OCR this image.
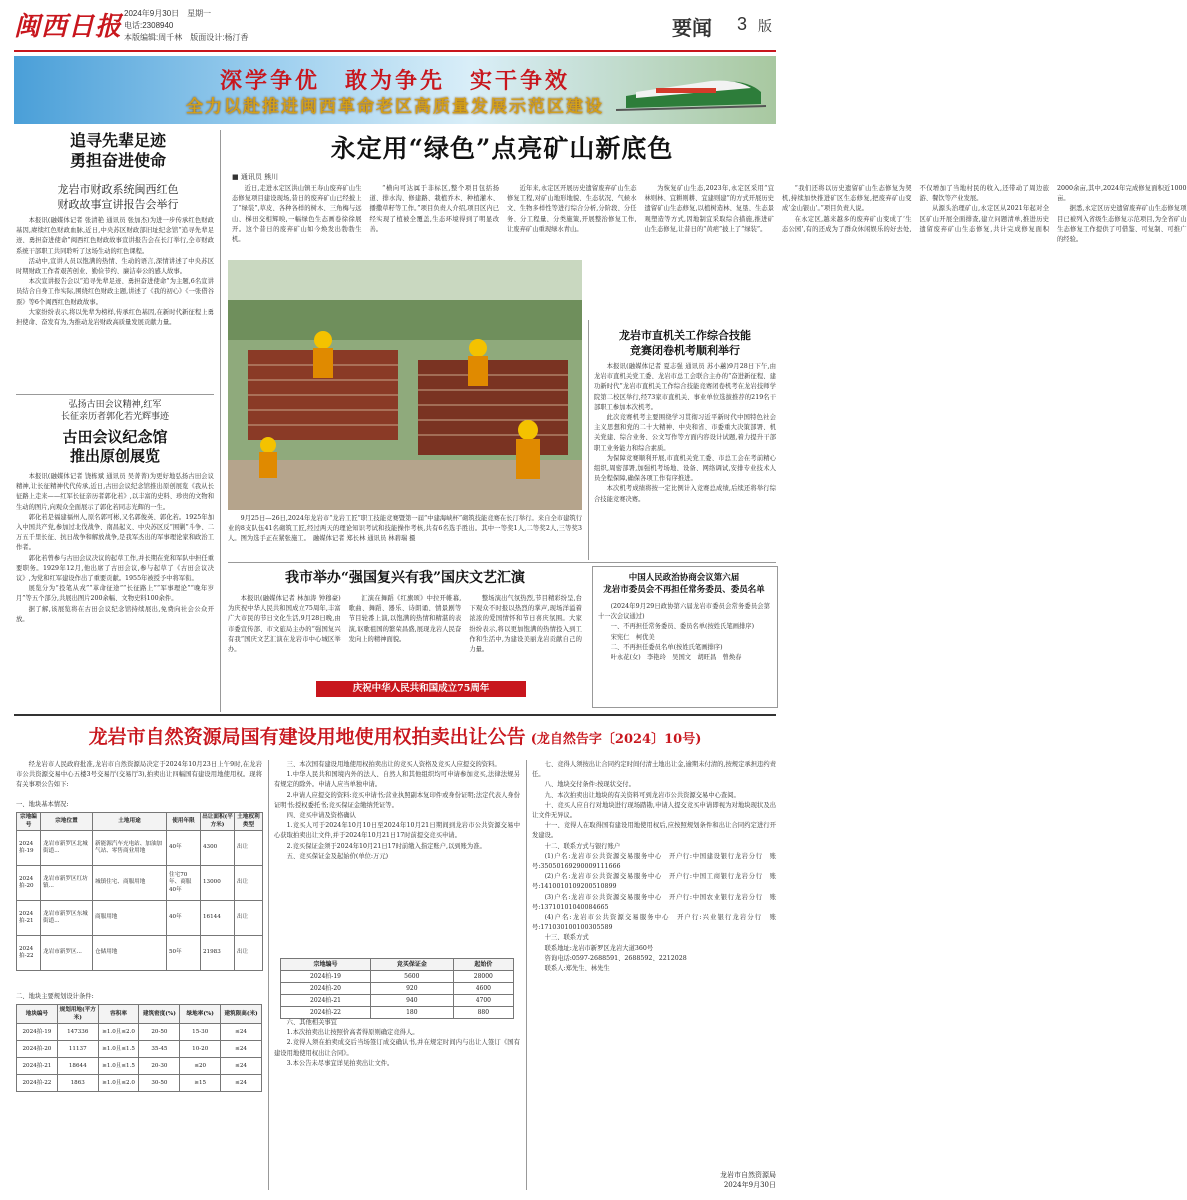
闽西日报 2024年9月30日　星期一
电话:2308940
本版编辑:周千林　版面设计:杨汀香	要闻 3 版
深学争优　敢为争先　实干争效
全力以赴推进闽西革命老区高质量发展示范区建设
追寻先辈足迹
勇担奋进使命
龙岩市财政系统闽西红色
财政故事宣讲报告会举行

本报讯(融媒体记者 张清艳 通讯员 张加杰)为进一步传承红色财政基因,赓续红色财政血脉,近日,中央苏区财政部旧址纪念馆“追寻先辈足迹、勇担奋进使命”闽西红色财政故事宣讲报告会在长汀举行,全市财政系统干部职工共同聆听了这场生动的红色课程。

活动中,宣讲人员以饱满的热情、生动的语言,深情讲述了中央苏区时期财政工作者艰苦创业、勤俭节约、廉洁奉公的感人故事。

本次宣讲报告会以“追寻先辈足迹、勇担奋进使命”为主题,6名宣讲员结合自身工作实际,围绕红色财政主题,讲述了《我的初心》《一张借谷票》等6个闽西红色财政故事。

大家纷纷表示,将以先辈为榜样,传承红色基因,在新时代新征程上勇担使命、奋发有为,为推动龙岩财政高质量发展贡献力量。

弘扬古田会议精神,红军
长征亲历者郭化若光辉事迹
古田会议纪念馆
推出原创展览

本报讯(融媒体记者 饶栋斌 通讯员 吴菁菁)为更好地弘扬古田会议精神,让长征精神代代传承,近日,古田会议纪念馆推出原创展览《我从长征路上走来——红军长征亲历者郭化若》,以丰富的史料、珍贵的文物和生动的图片,向观众全面展示了郭化若同志光辉的一生。

郭化若是福建福州人,原名郭可彬,又名郭俊英、郭化若。1925年加入中国共产党,参加过北伐战争、南昌起义、中央苏区反“围剿”斗争、二万五千里长征、抗日战争和解放战争,是我军杰出的军事理论家和政治工作者。

郭化若曾参与古田会议决议的起草工作,并长期在党和军队中担任重要职务。1929年12月,他出席了古田会议,参与起草了《古田会议决议》,为党和红军建设作出了重要贡献。1955年被授予中将军衔。

展览分为“投笔从戎”“革命征途”“长征路上”“军事理论”“晚年岁月”等五个部分,共展出图片200余幅、文物史料100余件。

据了解,该展览将在古田会议纪念馆持续展出,免费向社会公众开放。

永定用“绿色”点亮矿山新底色
■ 通讯员 熊川

近日,走进永定区洪山镇王寿山废弃矿山生态修复项目建设现场,昔日的废弃矿山已经披上了“绿装”,草皮、各种各样的树木、三角梅与远山、梯田交相辉映,一幅绿色生态画卷徐徐展开。这个昔日的废弃矿山如今焕发出勃勃生机。

“横向可达属于非标区,整个项目包括扬道、排水沟、修建路、栽植乔木、种植灌木、播撒草籽等工作。”项目负责人介绍,项目区内已经实现了植被全覆盖,生态环境得到了明显改善。

近年来,永定区开展历史遗留废弃矿山生态修复工程,对矿山地形地貌、生态状况、气候水文、生物多样性等进行综合分析,分阶段、分任务、分工程量、分类施策,开展整治修复工作,让废弃矿山重现绿水青山。

为恢复矿山生态,2023年,永定区采用“宜林则林、宜耕则耕、宜建则建”的方式开展历史遗留矿山生态修复,以植树造林、复垦、生态景观塑造等方式,因地制宜采取综合措施,推进矿山生态修复,让昔日的“黄疤”披上了“绿装”。

“我们还将以历史遗留矿山生态修复为契机,持续加快推进矿区生态修复,把废弃矿山变成‘金山银山’。”项目负责人说。

在永定区,越来越多的废弃矿山变成了‘生态公园’,有的还成为了群众休闲娱乐的好去处,不仅增加了当地村民的收入,还带动了周边旅游、餐饮等产业发展。

从源头治理矿山,永定区从2021年起对全区矿山开展全面排查,建立问题清单,推进历史遗留废弃矿山生态修复,共计完成修复面积2000余亩,其中,2024年完成修复面积近1000亩。

据悉,永定区历史遗留废弃矿山生态修复项目已被列入省级生态修复示范项目,为全省矿山生态修复工作提供了可借鉴、可复制、可推广的经验。

9月25日—26日,2024年龙岩市“龙岩工匠”职工技能竞赛暨第一届“中建海峡杯”砌筑技能竞赛在长汀举行。来自全市建筑行业的8支队伍41名砌筑工匠,经过两天的理论知识考试和技能操作考核,共有6名选手胜出。其中一等奖1人,二等奖2人,三等奖3人。图为选手正在紧张施工。　融媒体记者 郑长林 通讯员 林碧瑞 摄

龙岩市直机关工作综合技能
竞赛闭卷机考顺利举行

本报讯(融媒体记者 夏志强 通讯员 苏小蕙)9月28日下午,由龙岩市直机关党工委、龙岩市总工会联合主办的“奋进新征程、建功新时代”龙岩市直机关工作综合技能竞赛闭卷机考在龙岩技师学院第二校区举行,经73家市直机关、事业单位选拔推荐的219名干部职工参加本次机考。

此次竞赛机考主要围绕学习贯彻习近平新时代中国特色社会主义思想和党的二十大精神、中央和省、市委重大决策部署、机关党建、综合业务、公文写作等方面内容设计试题,着力提升干部职工业务能力和综合素质。

为保障竞赛顺利开展,市直机关党工委、市总工会在考前精心组织,周密部署,加强机考场地、设备、网络调试,安排专业技术人员全程保障,确保各项工作有序推进。

本次机考成绩将按一定比例计入竞赛总成绩,后续还将举行综合技能竞赛决赛。

我市举办“强国复兴有我”国庆文艺汇演

本报讯(融媒体记者 林加涛 钟穆豪)为庆祝中华人民共和国成立75周年,丰富广大市民的节日文化生活,9月28日晚,由市委宣传部、市文旅局主办的“强国复兴有我”国庆文艺汇演在龙岩市中心城区举办。

汇演在舞蹈《红旗颂》中拉开帷幕,歌曲、舞蹈、器乐、诗朗诵、情景剧等节目轮番上演,以饱满的热情和精湛的表演,讴歌祖国的繁荣昌盛,展现龙岩人民奋发向上的精神面貌。

整场演出气氛热烈,节目精彩纷呈,台下观众不时报以热烈的掌声,现场洋溢着浓浓的爱国情怀和节日喜庆氛围。大家纷纷表示,将以更加饱满的热情投入到工作和生活中,为建设美丽龙岩贡献自己的力量。

庆祝中华人民共和国成立75周年
中国人民政治协商会议第六届
龙岩市委员会不再担任常务委员、委员名单

(2024年9月29日政协第六届龙岩市委员会常务委员会第十一次会议通过)

一、不再担任常务委员、委员名单(按姓氏笔画排序)

宋宪仁　柯优美

二、不再担任委员名单(按姓氏笔画排序)

叶永花(女)　李艳玲　吴国文　胡旺昌　曾焕春

龙岩市自然资源局国有建设用地使用权拍卖出让公告 (龙自然告字〔2024〕10号)

经龙岩市人民政府批准,龙岩市自然资源局决定于2024年10月23日上午9时,在龙岩市公共资源交易中心五楼3号交易厅(交易厅3),拍卖出让四幅国有建设用地使用权。现将有关事项公告如下:

一、地块基本情况:
宗地编号	宗地位置	土地用途	使用年限	出让面积(平方米)	土地权利类型
2024拍-19	龙岩市新罗区北城街道...	新能源汽车充电站、加油加气站、零售商业用地	40年	4300	出让
2024拍-20	龙岩市新罗区红坊镇...	城镇住宅、商服用地	住宅70年、商服40年	13000	出让
2024拍-21	龙岩市新罗区东城街道...	商服用地	40年	16144	出让
2024拍-22	龙岩市新罗区...	仓储用地	50年	21983	出让
二、地块主要规划设计条件:
地块编号	规划用地(平方米)	容积率	建筑密度(%)	绿地率(%)	建筑限高(米)
2024拍-19	147336	≥1.0且≤2.0	20-50	15-30	≤24
2024拍-20	11137	≥1.0且≤1.5	35-45	10-20	≤24
2024拍-21	18644	≥1.0且≤1.5	20-30	≤20	≤24
2024拍-22	1863	≥1.0且≤2.0	30-50	≥15	≤24

三、本次国有建设用地使用权拍卖出让的竞买人资格及竞买人应提交的资料。

1.中华人民共和国境内外的法人、自然人和其他组织均可申请参加竞买,法律法规另有规定的除外。申请人应当单独申请。

2.申请人应提交的资料:竞买申请书;营业执照副本复印件或身份证明;法定代表人身份证明书;授权委托书;竞买保证金缴纳凭证等。

四、竞买申请及资格确认

1.竞买人可于2024年10月10日至2024年10月21日期间到龙岩市公共资源交易中心获取拍卖出让文件,并于2024年10月21日17时前提交竞买申请。

2.竞买保证金须于2024年10月21日17时前缴入指定账户,以到账为准。

五、竞买保证金及起始价(单位:万元)

宗地编号	竞买保证金	起始价
2024拍-19	5600	28000
2024拍-20	920	4600
2024拍-21	940	4700
2024拍-22	180	880

六、其他相关事宜

1.本次拍卖出让按照价高者得原则确定竞得人。

2.竞得人须在拍卖成交后当场签订成交确认书,并在规定时间内与出让人签订《国有建设用地使用权出让合同》。

3.本公告未尽事宜详见拍卖出让文件。

七、竞得人须按出让合同约定时间付清土地出让金,逾期未付清的,按规定承担违约责任。

八、地块交付条件:按现状交付。

九、本次拍卖出让地块的有关资料可到龙岩市公共资源交易中心查阅。

十、竞买人应自行对地块进行现场踏勘,申请人提交竞买申请即视为对地块现状及出让文件无异议。

十一、竞得人在取得国有建设用地使用权后,应按照规划条件和出让合同约定进行开发建设。

十二、联系方式与银行账户

(1)户名:龙岩市公共资源交易服务中心　开户行:中国建设银行龙岩分行　账号:35050169290009111666

(2)户名:龙岩市公共资源交易服务中心　开户行:中国工商银行龙岩分行　账号:1410010109200510899

(3)户名:龙岩市公共资源交易服务中心　开户行:中国农业银行龙岩分行　账号:13710101040084665

(4)户名:龙岩市公共资源交易服务中心　开户行:兴业银行龙岩分行　账号:171030100100305589

十三、联系方式

联系地址:龙岩市新罗区龙岩大道360号

咨询电话:0597-2688591、2688592、2212028

联系人:郑先生、林先生

龙岩市自然资源局
2024年9月30日
